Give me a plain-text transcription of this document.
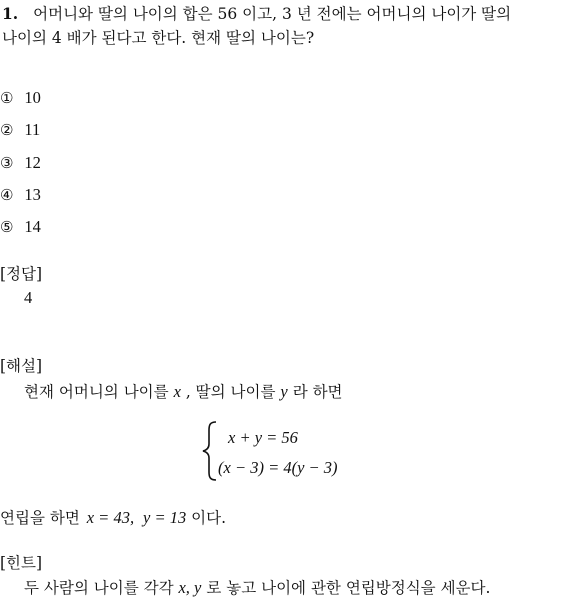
1. 어머니와 딸의 나이의 합은 56 이고, 3 년 전에는 어머니의 나이가 딸의
나이의 4 배가 된다고 한다. 현재 딸의 나이는?
① 10
② 11
③ 12
④ 13
⑤ 14
[정답]
4
[해설]
현재 어머니의 나이를 x , 딸의 나이를 y 라 하면
x + y = 56
(x − 3) = 4(y − 3)
연립을 하면 x = 43, y = 13 이다.
[힌트]
두 사람의 나이를 각각 x, y 로 놓고 나이에 관한 연립방정식을 세운다.
